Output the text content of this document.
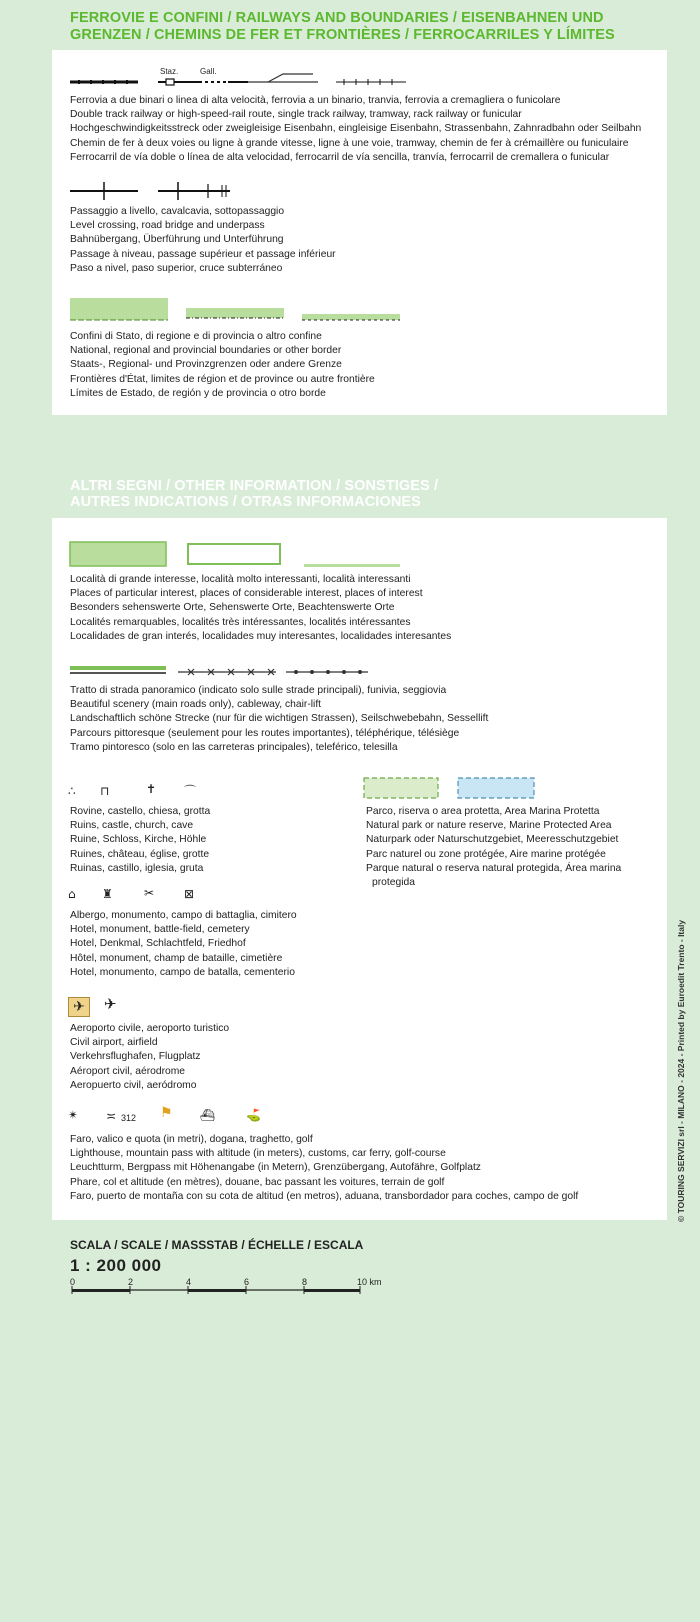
FERROVIE E CONFINI / RAILWAYS AND BOUNDARIES / EISENBAHNEN UND
GRENZEN / CHEMINS DE FER ET FRONTIÈRES / FERROCARRILES Y LÍMITES
Staz.	Gall.
Ferrovia a due binari o linea di alta velocità, ferrovia a un binario, tranvia, ferrovia a cremagliera o funicolare
Double track railway or high-speed-rail route, single track railway, tramway, rack railway or funicular
Hochgeschwindigkeitsstreck oder zweigleisige Eisenbahn, eingleisige Eisenbahn, Strassenbahn, Zahnradbahn oder Seilbahn
Chemin de fer à deux voies ou ligne à grande vitesse, ligne à une voie, tramway, chemin de fer à crémaillère ou funiculaire
Ferrocarril de vía doble o línea de alta velocidad, ferrocarril de vía sencilla, tranvía, ferrocarril de cremallera o funicular
Passaggio a livello, cavalcavia, sottopassaggio
Level crossing, road bridge and underpass
Bahnübergang, Überführung und Unterführung
Passage à niveau, passage supérieur et passage inférieur
Paso a nivel, paso superior, cruce subterráneo
Confini di Stato, di regione e di provincia o altro confine
National, regional and provincial boundaries or other border
Staats-, Regional- und Provinzgrenzen oder andere Grenze
Frontières d'État, limites de région et de province ou autre frontière
Límites de Estado, de región y de provincia o otro borde
ALTRI SEGNI / OTHER INFORMATION / SONSTIGES /
AUTRES INDICATIONS / OTRAS INFORMACIONES
Località di grande interesse, località molto interessanti, località interessanti
Places of particular interest, places of considerable interest, places of interest
Besonders sehenswerte Orte, Sehenswerte Orte, Beachtenswerte Orte
Localités remarquables, localités très intéressantes, localités intéressantes
Localidades de gran interés, localidades muy interesantes, localidades interesantes
Tratto di strada panoramico (indicato solo sulle strade principali), funivia, seggiovia
Beautiful scenery (main roads only), cableway, chair-lift
Landschaftlich schöne Strecke (nur für die wichtigen Strassen), Seilschwebebahn, Sessellift
Parcours pittoresque (seulement pour les routes importantes), téléphérique, télésiège
Tramo pintoresco (solo en las carreteras principales), teleférico, telesilla
∴ ⊓	✝ ⌒
Rovine, castello, chiesa, grotta
Ruins, castle, church, cave
Ruine, Schloss, Kirche, Höhle
Ruines, château, église, grotte
Ruinas, castillo, iglesia, gruta
Parco, riserva o area protetta, Area Marina Protetta
Natural park or nature reserve, Marine Protected Area
Naturpark oder Naturschutzgebiet, Meeresschutzgebiet
Parc naturel ou zone protégée, Aire marine protégée
Parque natural o reserva natural protegida, Área marina
protegida
⌂ ♜	✂ ⊠
Albergo, monumento, campo di battaglia, cimitero
Hotel, monument, battle-field, cemetery
Hotel, Denkmal, Schlachtfeld, Friedhof
Hôtel, monument, champ de bataille, cimetière
Hotel, monumento, campo de batalla, cementerio
✈	✈
Aeroporto civile, aeroporto turistico
Civil airport, airfield
Verkehrsflughafen, Flugplatz
Aéroport civil, aérodrome
Aeropuerto civil, aeródromo
✴ ≍ 312 ⚑ ⛴	⛳
Faro, valico e quota (in metri), dogana, traghetto, golf
Lighthouse, mountain pass with altitude (in meters), customs, car ferry, golf-course
Leuchtturm, Bergpass mit Höhenangabe (in Metern), Grenzübergang, Autofähre, Golfplatz
Phare, col et altitude (en mètres), douane, bac passant les voitures, terrain de golf
Faro, puerto de montaña con su cota de altitud (en metros), aduana, transbordador para coches, campo de golf	© TOURING SERVIZI srl - MILANO - 2024 - Printed by Euroedit Trento - Italy
SCALA / SCALE / MASSSTAB / ÉCHELLE / ESCALA
1 : 200 000
0	2	4	6	8	10 km
